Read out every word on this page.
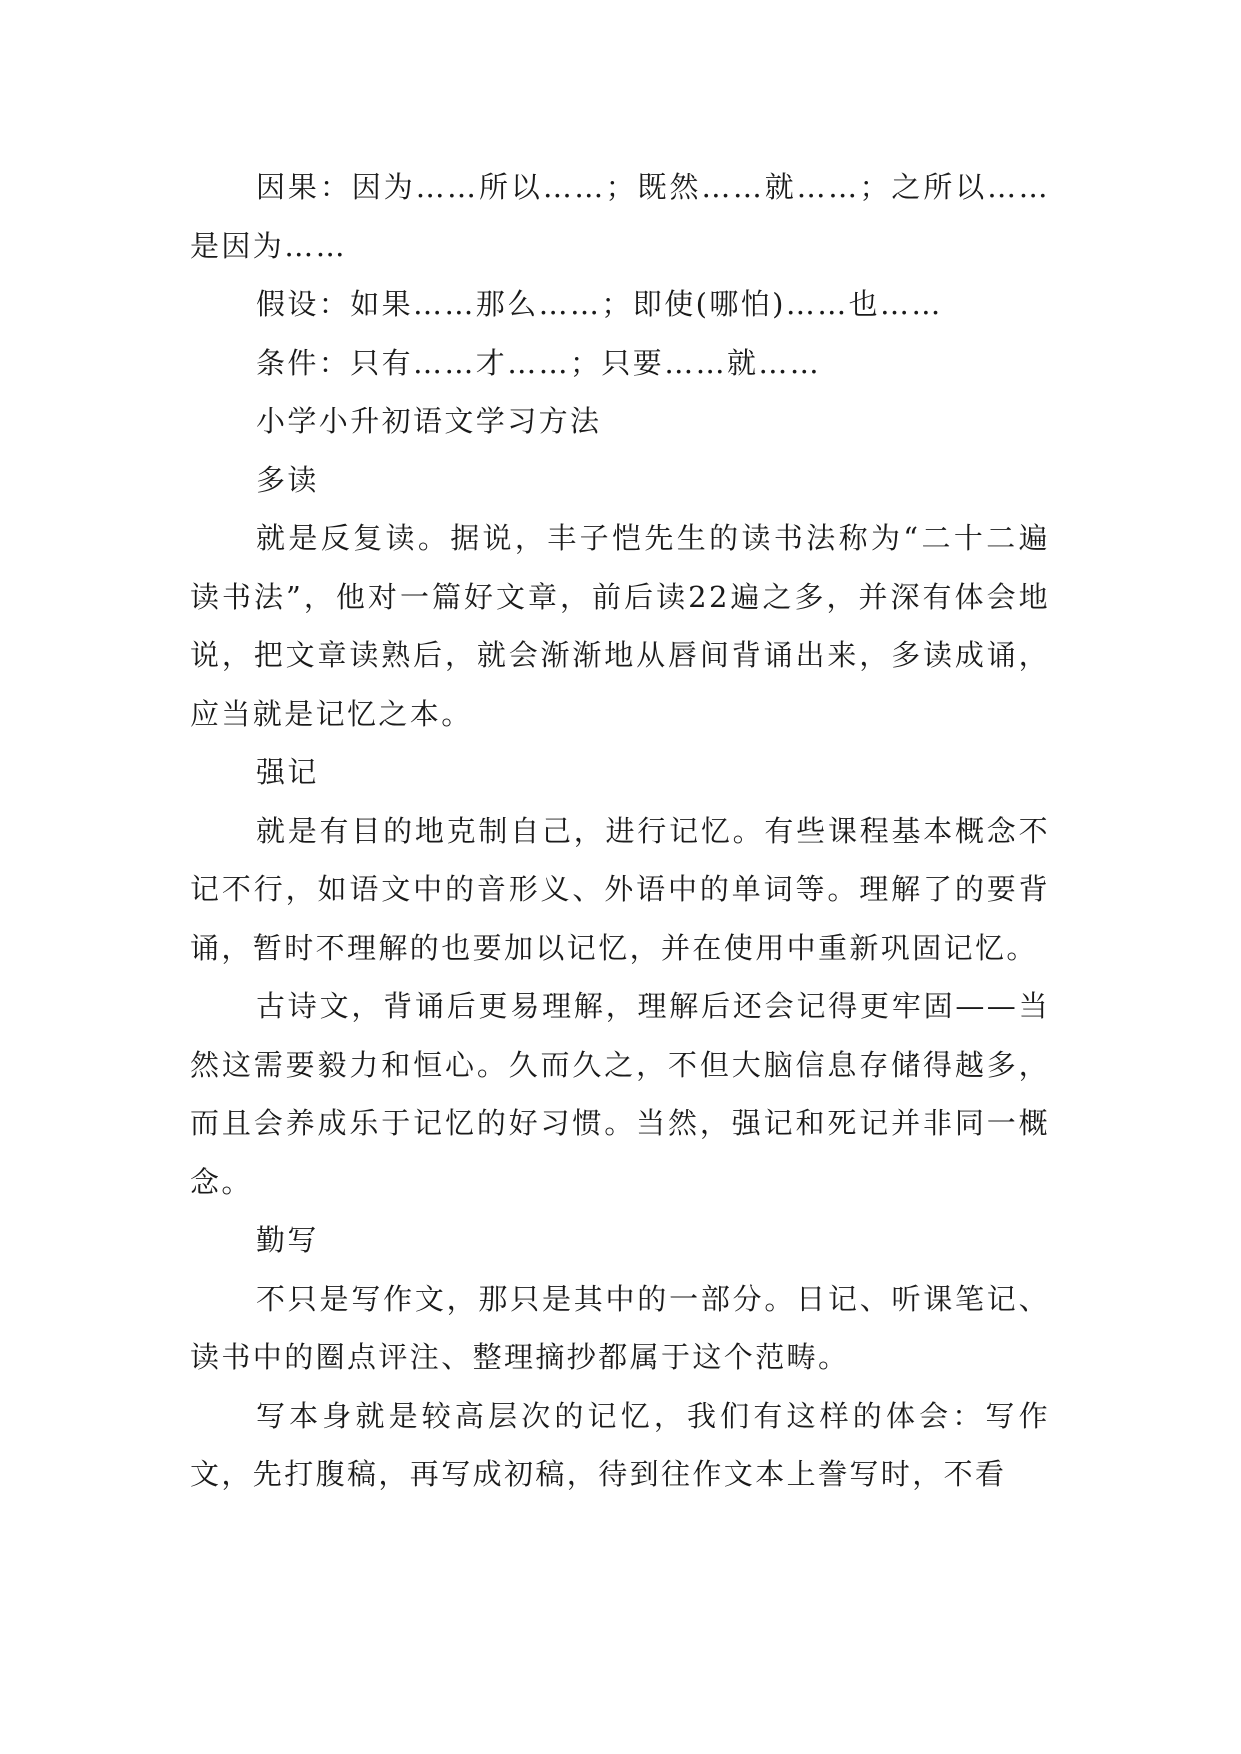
因果：因为……所以……；既然……就……；之所以……是因为……

假设：如果……那么……；即使(哪怕)……也……

条件：只有……才……；只要……就……

小学小升初语文学习方法

多读

就是反复读。据说，丰子恺先生的读书法称为“二十二遍读书法”，他对一篇好文章，前后读22遍之多，并深有体会地说，把文章读熟后，就会渐渐地从唇间背诵出来，多读成诵，应当就是记忆之本。

强记

就是有目的地克制自己，进行记忆。有些课程基本概念不记不行，如语文中的音形义、外语中的单词等。理解了的要背诵，暂时不理解的也要加以记忆，并在使用中重新巩固记忆。

古诗文，背诵后更易理解，理解后还会记得更牢固——当然这需要毅力和恒心。久而久之，不但大脑信息存储得越多，而且会养成乐于记忆的好习惯。当然，强记和死记并非同一概念。

勤写

不只是写作文，那只是其中的一部分。日记、听课笔记、读书中的圈点评注、整理摘抄都属于这个范畴。

写本身就是较高层次的记忆，我们有这样的体会：写作文，先打腹稿，再写成初稿，待到往作文本上誊写时，不看
